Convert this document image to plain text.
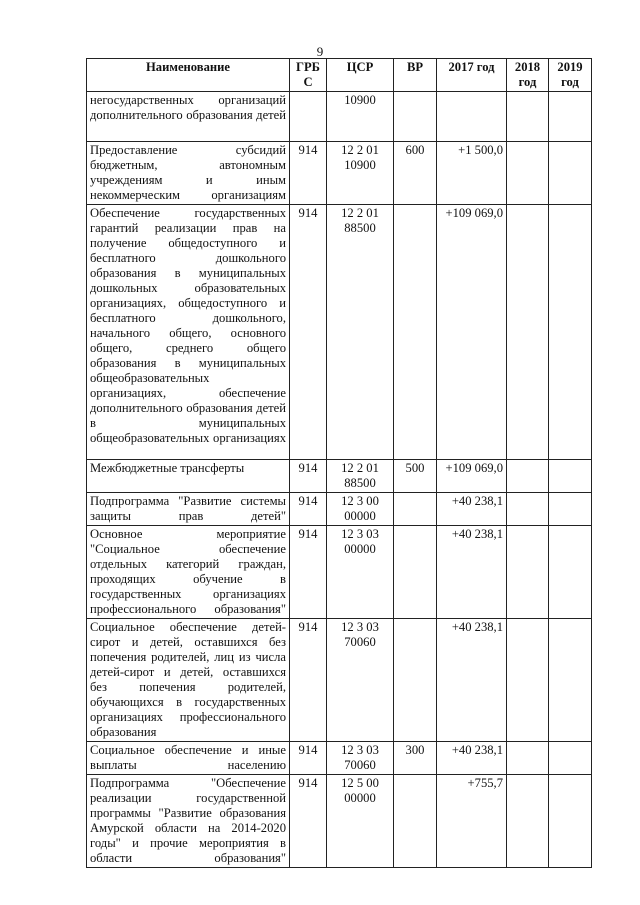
9
Наименование	ГРБ С	ЦСР	ВР	2017 год	2018 год	2019 год
негосударственных организаций дополнительного образования детей		10900				
Предоставление субсидий бюджетным, автономным учреждениям и иным некоммерческим организациям	914	12 2 01 10900	600	+1 500,0		
Обеспечение государственных гарантий реализации прав на получение общедоступного и бесплатного дошкольного образования в муниципальных дошкольных образовательных организациях, общедоступного и бесплатного дошкольного, начального общего, основного общего, среднего общего образования в муниципальных общеобразовательных организациях, обеспечение дополнительного образования детей в муниципальных общеобразовательных организациях	914	12 2 01 88500		+109 069,0		
Межбюджетные трансферты	914	12 2 01 88500	500	+109 069,0		
Подпрограмма "Развитие системы защиты прав детей"	914	12 3 00 00000		+40 238,1		
Основное мероприятие "Социальное обеспечение отдельных категорий граждан, проходящих обучение в государственных организациях профессионального образования"	914	12 3 03 00000		+40 238,1		
Социальное обеспечение детей-сирот и детей, оставшихся без попечения родителей, лиц из числа детей-сирот и детей, оставшихся без попечения родителей, обучающихся в государственных организациях профессионального образования	914	12 3 03 70060		+40 238,1		
Социальное обеспечение и иные выплаты населению	914	12 3 03 70060	300	+40 238,1		
Подпрограмма "Обеспечение реализации государственной программы "Развитие образования Амурской области на 2014-2020 годы" и прочие мероприятия в области образования"	914	12 5 00 00000		+755,7		
